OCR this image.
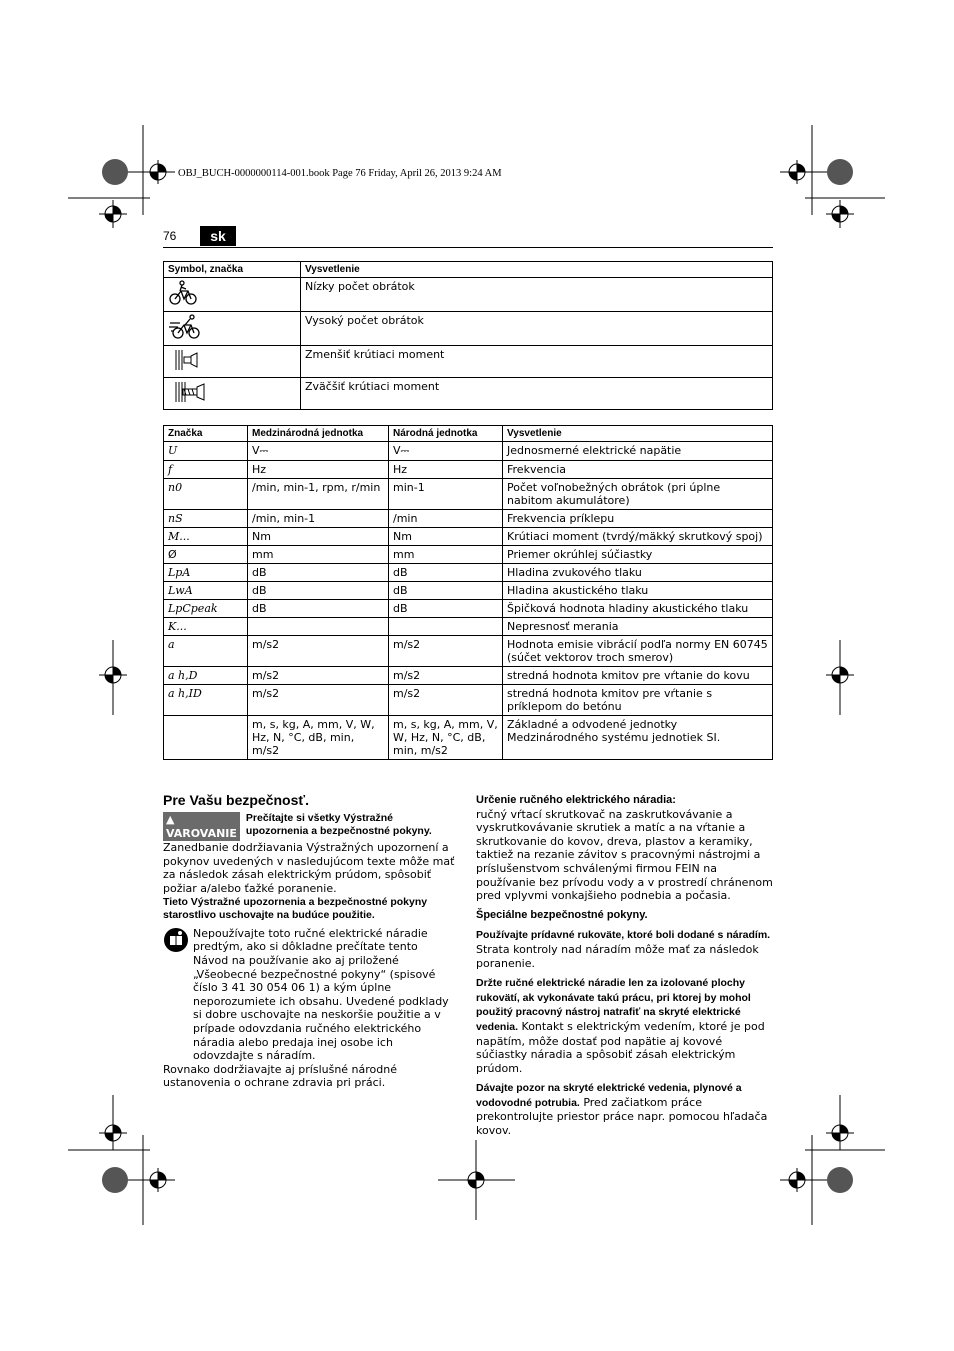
OBJ_BUCH-0000000114-001.book Page 76 Friday, April 26, 2013 9:24 AM
76	sk
Symbol, značka	Vysvetlenie
	Nízky počet obrátok
	Vysoký počet obrátok
	Zmenšiť krútiaci moment
	Zväčšiť krútiaci moment
Značka	Medzinárodná jednotka	Národná jednotka	Vysvetlenie
U	V⎓	V⎓	Jednosmerné elektrické napätie
f	Hz	Hz	Frekvencia
n0	/min, min-1, rpm, r/min	min-1	Počet voľnobežných obrátok (pri úplne nabitom akumulátore)
nS	/min, min-1	/min	Frekvencia príklepu
M...	Nm	Nm	Krútiaci moment (tvrdý/mäkký skrutkový spoj)
Ø	mm	mm	Priemer okrúhlej súčiastky
LpA	dB	dB	Hladina zvukového tlaku
LwA	dB	dB	Hladina akustického tlaku
LpCpeak	dB	dB	Špičková hodnota hladiny akustického tlaku
K...			Nepresnosť merania
a	m/s2	m/s2	Hodnota emisie vibrácií podľa normy EN 60745 (súčet vektorov troch smerov)
a h,D	m/s2	m/s2	stredná hodnota kmitov pre vŕtanie do kovu
a h,ID	m/s2	m/s2	stredná hodnota kmitov pre vŕtanie s príklepom do betónu
	m, s, kg, A, mm, V, W, Hz, N, °C, dB, min, m/s2	m, s, kg, A, mm, V, W, Hz, N, °C, dB, min, m/s2	Základné a odvodené jednotky Medzinárodného systému jednotiek SI.
Pre Vašu bezpečnosť.
▲ VAROVANIE
Prečítajte si všetky Výstražné upozornenia a bezpečnostné pokyny.

Zanedbanie dodržiavania Výstražných upozornení a pokynov uvedených v nasledujúcom texte môže mať za následok zásah elektrickým prúdom, spôsobiť požiar a/alebo ťažké poranenie.

Tieto Výstražné upozornenia a bezpečnostné pokyny starostlivo uschovajte na budúce použitie.

Nepoužívajte toto ručné elektrické náradie predtým, ako si dôkladne prečítate tento Návod na používanie ako aj priložené „Všeobecné bezpečnostné pokyny“ (spisové číslo 3 41 30 054 06 1) a kým úplne neporozumiete ich obsahu. Uvedené podklady si dobre uschovajte na neskoršie použitie a v prípade odovzdania ručného elektrického náradia alebo predaja inej osobe ich odovzdajte s náradím.

Rovnako dodržiavajte aj príslušné národné ustanovenia o ochrane zdravia pri práci.

Určenie ručného elektrického náradia:

ručný vŕtací skrutkovač na zaskrutkovávanie a vyskrutkovávanie skrutiek a matíc a na vŕtanie a skrutkovanie do kovov, dreva, plastov a keramiky, taktiež na rezanie závitov s pracovnými nástrojmi a príslušenstvom schválenými firmou FEIN na používanie bez prívodu vody a v prostredí chránenom pred vplyvmi vonkajšieho podnebia a počasia.

Špeciálne bezpečnostné pokyny.

Používajte prídavné rukoväte, ktoré boli dodané s náradím. Strata kontroly nad náradím môže mať za následok poranenie.

Držte ručné elektrické náradie len za izolované plochy rukovätí, ak vykonávate takú prácu, pri ktorej by mohol použitý pracovný nástroj natrafiť na skryté elektrické vedenia. Kontakt s elektrickým vedením, ktoré je pod napätím, môže dostať pod napätie aj kovové súčiastky náradia a spôsobiť zásah elektrickým prúdom.

Dávajte pozor na skryté elektrické vedenia, plynové a vodovodné potrubia. Pred začiatkom práce prekontrolujte priestor práce napr. pomocou hľadača kovov.
